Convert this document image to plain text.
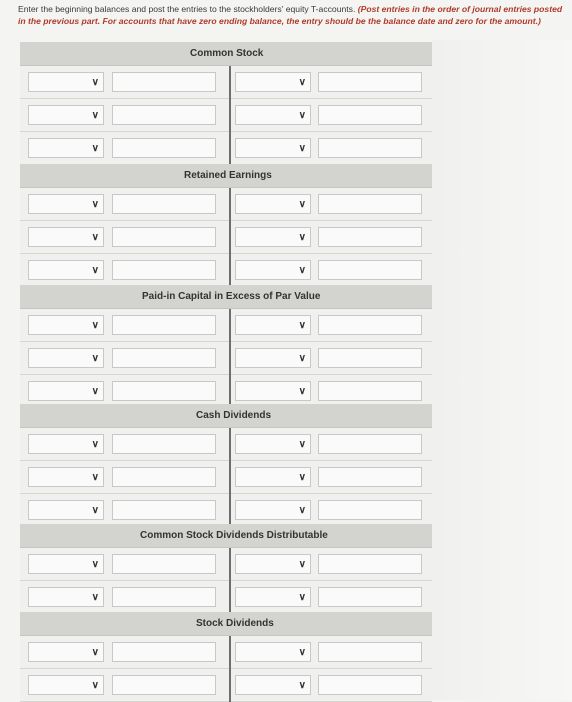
Enter the beginning balances and post the entries to the stockholders' equity T-accounts. (Post entries in the order of journal entries posted in the previous part. For accounts that have zero ending balance, the entry should be the balance date and zero for the amount.)
Common Stock
∨	∨
∨	∨
∨	∨
Retained Earnings
∨	∨
∨	∨
∨	∨
Paid-in Capital in Excess of Par Value
∨	∨
∨	∨
∨	∨
Cash Dividends
∨	∨
∨	∨
∨	∨
Common Stock Dividends Distributable
∨	∨
∨	∨
Stock Dividends
∨	∨
∨	∨
